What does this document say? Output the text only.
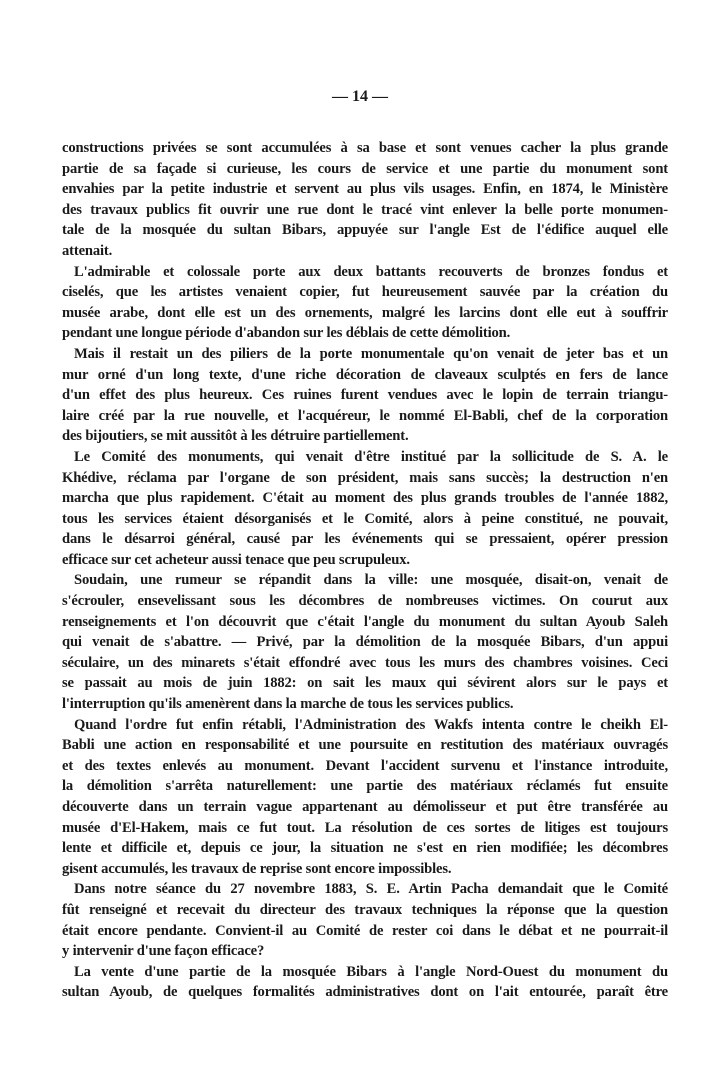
— 14 —
constructions privées se sont accumulées à sa base et sont venues cacher la plus grande
partie de sa façade si curieuse, les cours de service et une partie du monument sont
envahies par la petite industrie et servent au plus vils usages. Enfin, en 1874, le Ministère
des travaux publics fit ouvrir une rue dont le tracé vint enlever la belle porte monumen-
tale de la mosquée du sultan Bibars, appuyée sur l'angle Est de l'édifice auquel elle
attenait.
L'admirable et colossale porte aux deux battants recouverts de bronzes fondus et
ciselés, que les artistes venaient copier, fut heureusement sauvée par la création du
musée arabe, dont elle est un des ornements, malgré les larcins dont elle eut à souffrir
pendant une longue période d'abandon sur les déblais de cette démolition.
Mais il restait un des piliers de la porte monumentale qu'on venait de jeter bas et un
mur orné d'un long texte, d'une riche décoration de claveaux sculptés en fers de lance
d'un effet des plus heureux. Ces ruines furent vendues avec le lopin de terrain triangu-
laire créé par la rue nouvelle, et l'acquéreur, le nommé El-Babli, chef de la corporation
des bijoutiers, se mit aussitôt à les détruire partiellement.
Le Comité des monuments, qui venait d'être institué par la sollicitude de S. A. le
Khédive, réclama par l'organe de son président, mais sans succès; la destruction n'en
marcha que plus rapidement. C'était au moment des plus grands troubles de l'année 1882,
tous les services étaient désorganisés et le Comité, alors à peine constitué, ne pouvait,
dans le désarroi général, causé par les événements qui se pressaient, opérer pression
efficace sur cet acheteur aussi tenace que peu scrupuleux.
Soudain, une rumeur se répandit dans la ville: une mosquée, disait-on, venait de
s'écrouler, ensevelissant sous les décombres de nombreuses victimes. On courut aux
renseignements et l'on découvrit que c'était l'angle du monument du sultan Ayoub Saleh
qui venait de s'abattre. — Privé, par la démolition de la mosquée Bibars, d'un appui
séculaire, un des minarets s'était effondré avec tous les murs des chambres voisines. Ceci
se passait au mois de juin 1882: on sait les maux qui sévirent alors sur le pays et
l'interruption qu'ils amenèrent dans la marche de tous les services publics.
Quand l'ordre fut enfin rétabli, l'Administration des Wakfs intenta contre le cheikh El-
Babli une action en responsabilité et une poursuite en restitution des matériaux ouvragés
et des textes enlevés au monument. Devant l'accident survenu et l'instance introduite,
la démolition s'arrêta naturellement: une partie des matériaux réclamés fut ensuite
découverte dans un terrain vague appartenant au démolisseur et put être transférée au
musée d'El-Hakem, mais ce fut tout. La résolution de ces sortes de litiges est toujours
lente et difficile et, depuis ce jour, la situation ne s'est en rien modifiée; les décombres
gisent accumulés, les travaux de reprise sont encore impossibles.
Dans notre séance du 27 novembre 1883, S. E. Artin Pacha demandait que le Comité
fût renseigné et recevait du directeur des travaux techniques la réponse que la question
était encore pendante. Convient-il au Comité de rester coi dans le débat et ne pourrait-il
y intervenir d'une façon efficace?
La vente d'une partie de la mosquée Bibars à l'angle Nord-Ouest du monument du
sultan Ayoub, de quelques formalités administratives dont on l'ait entourée, paraît être
